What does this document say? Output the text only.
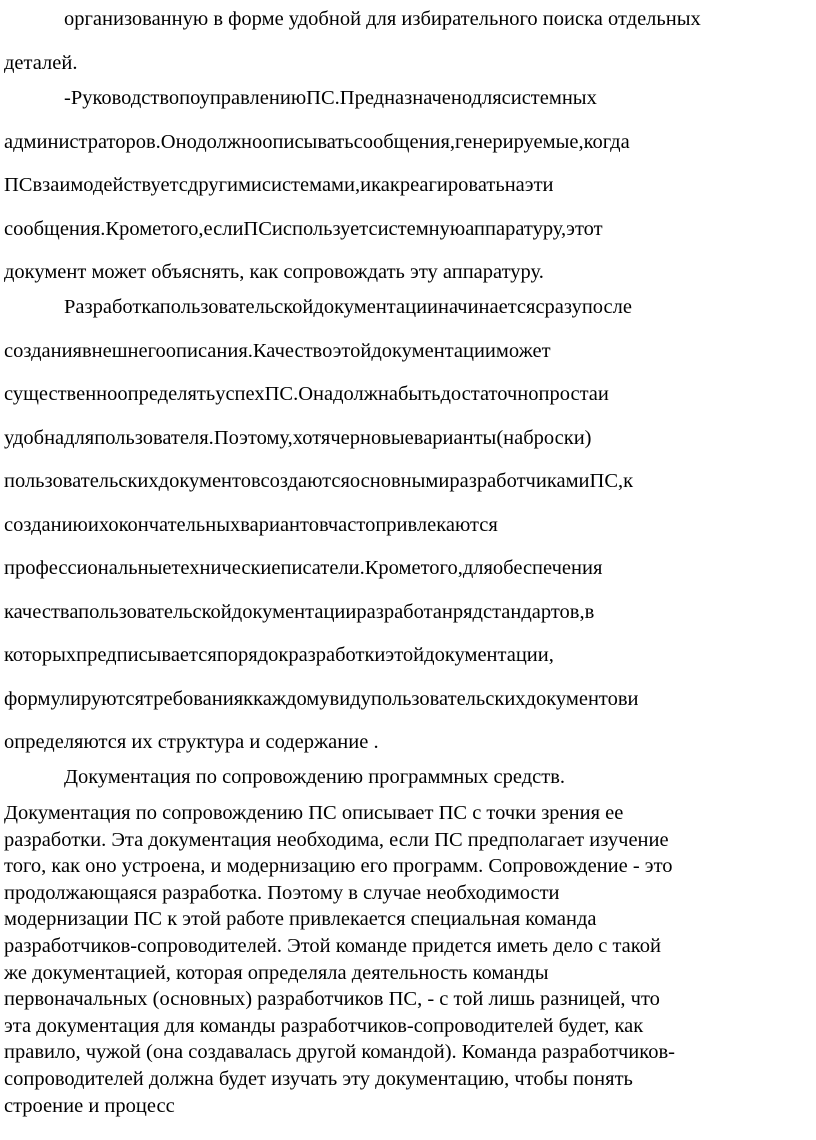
организованную в форме удобной для избирательного поиска отдельных
деталей.
-РуководствопоуправлениюПС.Предназначенодлясистемных
администраторов.Онодолжноописыватьсообщения,генерируемые,когда
ПСвзаимодействуетсдругимисистемами,икакреагироватьнаэти
сообщения.Крометого,еслиПСиспользуетсистемнуюаппаратуру,этот
документ может объяснять, как сопровождать эту аппаратуру.
Разработкапользовательскойдокументацииначинаетсясразупосле
созданиявнешнегоописания.Качествоэтойдокументацииможет
существенноопределятьуспехПС.Онадолжнабытьдостаточнопростаи
удобнадляпользователя.Поэтому,хотячерновыеварианты(наброски)
пользовательскихдокументовсоздаютсяосновнымиразработчикамиПС,к
созданиюихокончательныхвариантовчастопривлекаются
профессиональныетехническиеписатели.Крометого,дляобеспечения
качествапользовательскойдокументацииразработанрядстандартов,в
которыхпредписываетсяпорядокразработкиэтойдокументации,
формулируютсятребованияккаждомувидупользовательскихдокументови
определяются их структура и содержание .
Документация по сопровождению программных средств.
Документация по сопровождению ПС описывает ПС с точки зрения ее
разработки. Эта документация необходима, если ПС предполагает изучение
того, как оно устроена, и модернизацию его программ. Сопровождение - это
продолжающаяся разработка. Поэтому в случае необходимости
модернизации ПС к этой работе привлекается специальная команда
разработчиков-сопроводителей. Этой команде придется иметь дело с такой
же документацией, которая определяла деятельность команды
первоначальных (основных) разработчиков ПС, - с той лишь разницей, что
эта документация для команды разработчиков-сопроводителей будет, как
правило, чужой (она создавалась другой командой). Команда разработчиков-
сопроводителей должна будет изучать эту документацию, чтобы понять
строение и процесс
